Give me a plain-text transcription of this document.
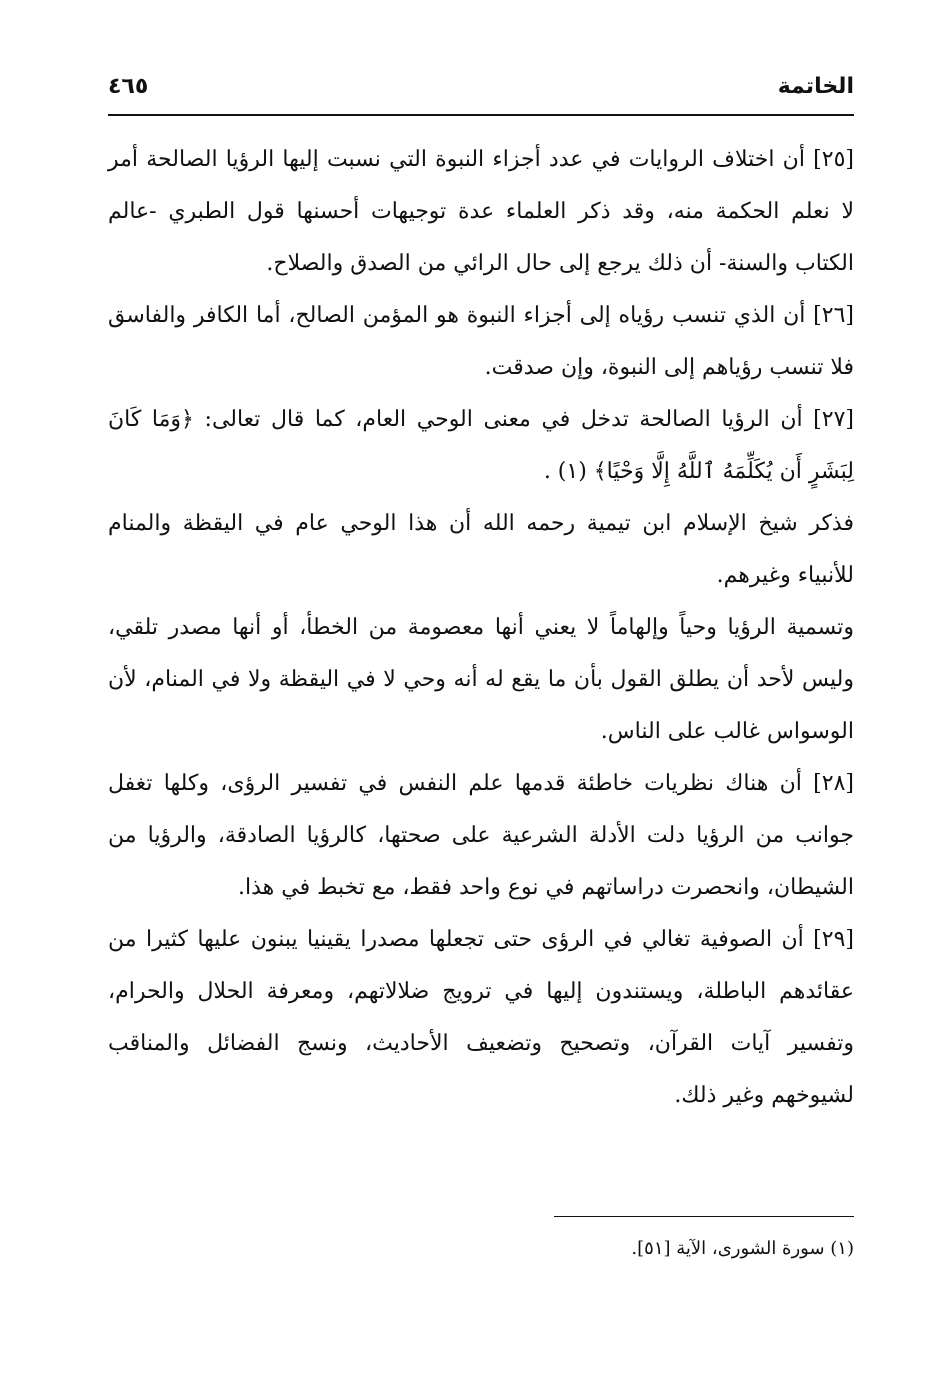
الخاتمة
٤٦٥

[٢٥] أن اختلاف الروايات في عدد أجزاء النبوة التي نسبت إليها الرؤيا الصالحة أمر لا نعلم الحكمة منه، وقد ذكر العلماء عدة توجيهات أحسنها قول الطبري -عالم الكتاب والسنة- أن ذلك يرجع إلى حال الرائي من الصدق والصلاح.

[٢٦] أن الذي تنسب رؤياه إلى أجزاء النبوة هو المؤمن الصالح، أما الكافر والفاسق فلا تنسب رؤياهم إلى النبوة، وإن صدقت.

[٢٧] أن الرؤيا الصالحة تدخل في معنى الوحي العام، كما قال تعالى: ﴿وَمَا كَانَ لِبَشَرٍ أَن يُكَلِّمَهُ ٱللَّهُ إِلَّا وَحْيًا﴾ (١) .

فذكر شيخ الإسلام ابن تيمية رحمه الله أن هذا الوحي عام في اليقظة والمنام للأنبياء وغيرهم.

وتسمية الرؤيا وحياً وإلهاماً لا يعني أنها معصومة من الخطأ، أو أنها مصدر تلقي، وليس لأحد أن يطلق القول بأن ما يقع له أنه وحي لا في اليقظة ولا في المنام، لأن الوسواس غالب على الناس.

[٢٨] أن هناك نظريات خاطئة قدمها علم النفس في تفسير الرؤى، وكلها تغفل جوانب من الرؤيا دلت الأدلة الشرعية على صحتها، كالرؤيا الصادقة، والرؤيا من الشيطان، وانحصرت دراساتهم في نوع واحد فقط، مع تخبط في هذا.

[٢٩] أن الصوفية تغالي في الرؤى حتى تجعلها مصدرا يقينيا يبنون عليها كثيرا من عقائدهم الباطلة، ويستندون إليها في ترويج ضلالاتهم، ومعرفة الحلال والحرام، وتفسير آيات القرآن، وتصحيح وتضعيف الأحاديث، ونسج الفضائل والمناقب لشيوخهم وغير ذلك.

(١) سورة الشورى، الآية [٥١].
